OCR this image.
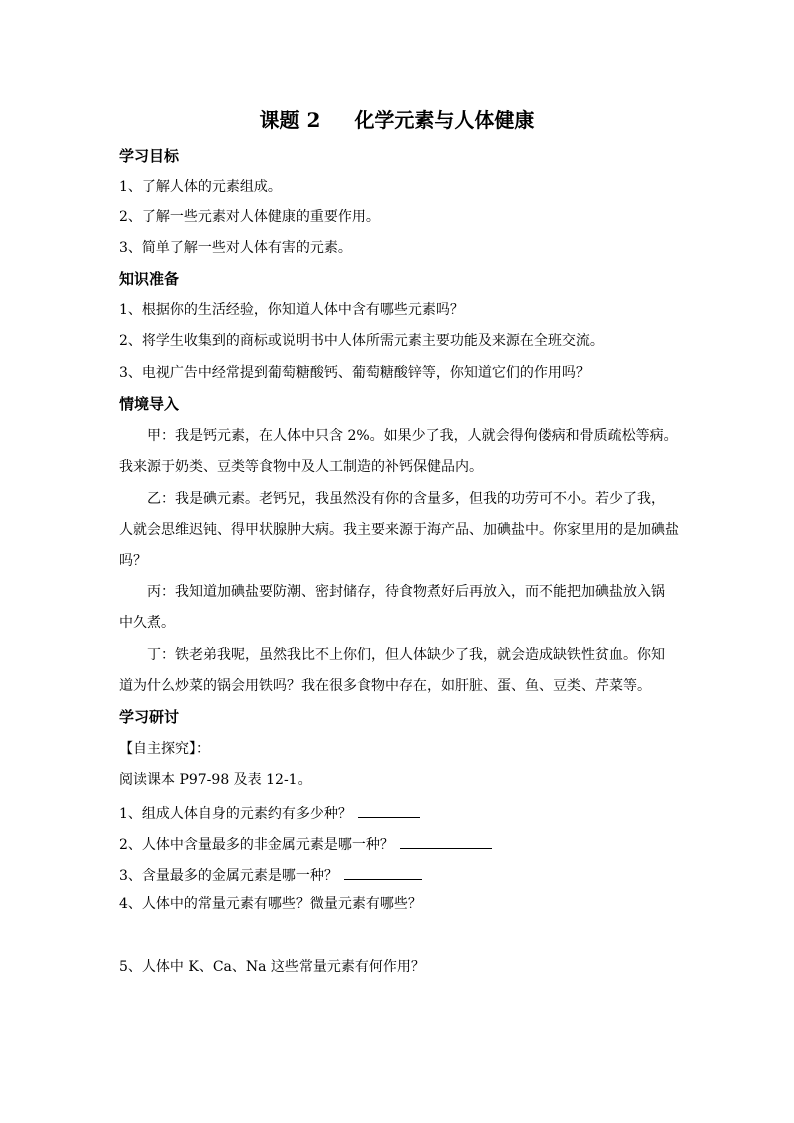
课题 2 化学元素与人体健康
学习目标
1、了解人体的元素组成。
2、了解一些元素对人体健康的重要作用。
3、简单了解一些对人体有害的元素。
知识准备
1、根据你的生活经验，你知道人体中含有哪些元素吗？
2、将学生收集到的商标或说明书中人体所需元素主要功能及来源在全班交流。
3、电视广告中经常提到葡萄糖酸钙、葡萄糖酸锌等，你知道它们的作用吗？
情境导入
甲：我是钙元素，在人体中只含 2%。如果少了我，人就会得佝偻病和骨质疏松等病。
我来源于奶类、豆类等食物中及人工制造的补钙保健品内。
乙：我是碘元素。老钙兄，我虽然没有你的含量多，但我的功劳可不小。若少了我，
人就会思维迟钝、得甲状腺肿大病。我主要来源于海产品、加碘盐中。你家里用的是加碘盐
吗？
丙：我知道加碘盐要防潮、密封储存，待食物煮好后再放入，而不能把加碘盐放入锅
中久煮。
丁：铁老弟我呢，虽然我比不上你们，但人体缺少了我，就会造成缺铁性贫血。你知
道为什么炒菜的锅会用铁吗？我在很多食物中存在，如肝脏、蛋、鱼、豆类、芹菜等。
学习研讨
【自主探究】：
阅读课本 P97-98 及表 12-1。
1、组成人体自身的元素约有多少种？
2、人体中含量最多的非金属元素是哪一种？
3、含量最多的金属元素是哪一种？
4、人体中的常量元素有哪些？微量元素有哪些？
5、人体中 K、Ca、Na 这些常量元素有何作用？
